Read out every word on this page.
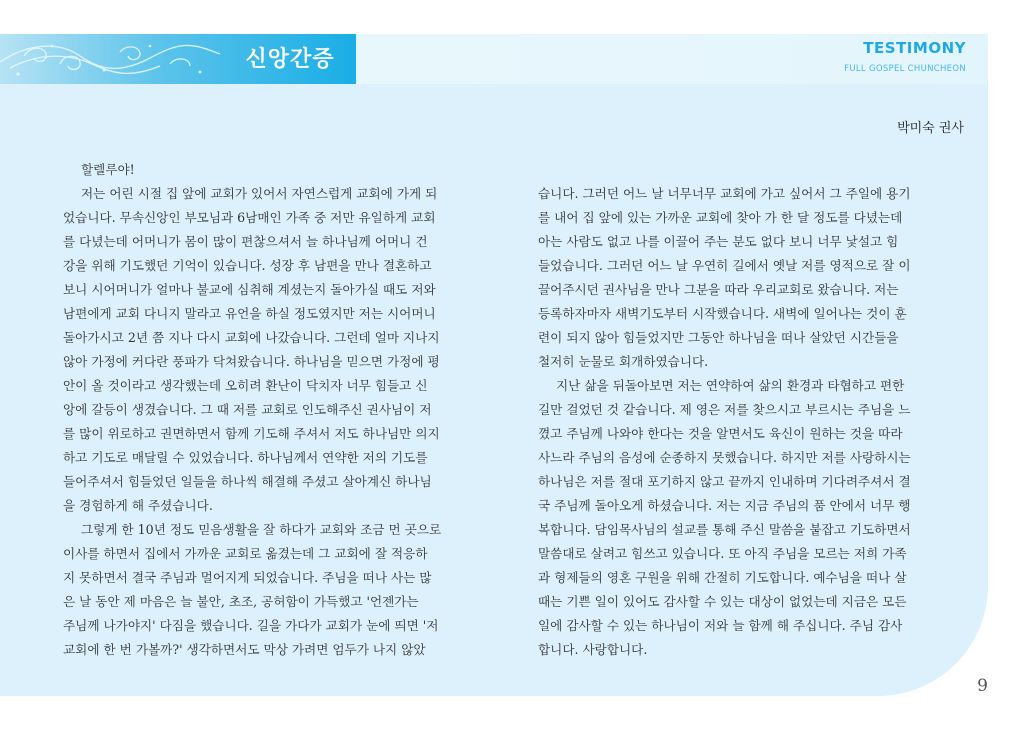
신앙간증	TESTIMONY
FULL GOSPEL CHUNCHEON
박미숙 권사
할렐루야!
저는 어린 시절 집 앞에 교회가 있어서 자연스럽게 교회에 가게 되
었습니다. 무속신앙인 부모님과 6남매인 가족 중 저만 유일하게 교회
를 다녔는데 어머니가 몸이 많이 편찮으셔서 늘 하나님께 어머니 건
강을 위해 기도했던 기억이 있습니다. 성장 후 남편을 만나 결혼하고
보니 시어머니가 얼마나 불교에 심취해 계셨는지 돌아가실 때도 저와
남편에게 교회 다니지 말라고 유언을 하실 정도였지만 저는 시어머니
돌아가시고 2년 쯤 지나 다시 교회에 나갔습니다. 그런데 얼마 지나지
않아 가정에 커다란 풍파가 닥쳐왔습니다. 하나님을 믿으면 가정에 평
안이 올 것이라고 생각했는데 오히려 환난이 닥치자 너무 힘들고 신
앙에 갈등이 생겼습니다. 그 때 저를 교회로 인도해주신 권사님이 저
를 많이 위로하고 권면하면서 함께 기도해 주셔서 저도 하나님만 의지
하고 기도로 매달릴 수 있었습니다. 하나님께서 연약한 저의 기도를
들어주셔서 힘들었던 일들을 하나씩 해결해 주셨고 살아계신 하나님
을 경험하게 해 주셨습니다.
그렇게 한 10년 정도 믿음생활을 잘 하다가 교회와 조금 먼 곳으로
이사를 하면서 집에서 가까운 교회로 옮겼는데 그 교회에 잘 적응하
지 못하면서 결국 주님과 멀어지게 되었습니다. 주님을 떠나 사는 많
은 날 동안 제 마음은 늘 불안, 초조, 공허함이 가득했고 '언젠가는
주님께 나가야지' 다짐을 했습니다. 길을 가다가 교회가 눈에 띄면 '저
교회에 한 번 가볼까?' 생각하면서도 막상 가려면 엄두가 나지 않았
습니다. 그러던 어느 날 너무너무 교회에 가고 싶어서 그 주일에 용기
를 내어 집 앞에 있는 가까운 교회에 찾아 가 한 달 정도를 다녔는데
아는 사람도 없고 나를 이끌어 주는 분도 없다 보니 너무 낯설고 힘
들었습니다. 그러던 어느 날 우연히 길에서 옛날 저를 영적으로 잘 이
끌어주시던 권사님을 만나 그분을 따라 우리교회로 왔습니다. 저는
등록하자마자 새벽기도부터 시작했습니다. 새벽에 일어나는 것이 훈
련이 되지 않아 힘들었지만 그동안 하나님을 떠나 살았던 시간들을
철저히 눈물로 회개하였습니다.
지난 삶을 뒤돌아보면 저는 연약하여 삶의 환경과 타협하고 편한
길만 걸었던 것 같습니다. 제 영은 저를 찾으시고 부르시는 주님을 느
꼈고 주님께 나와야 한다는 것을 알면서도 육신이 원하는 것을 따라
사느라 주님의 음성에 순종하지 못했습니다. 하지만 저를 사랑하시는
하나님은 저를 절대 포기하지 않고 끝까지 인내하며 기다려주셔서 결
국 주님께 돌아오게 하셨습니다. 저는 지금 주님의 품 안에서 너무 행
복합니다. 담임목사님의 설교를 통해 주신 말씀을 붙잡고 기도하면서
말씀대로 살려고 힘쓰고 있습니다. 또 아직 주님을 모르는 저희 가족
과 형제들의 영혼 구원을 위해 간절히 기도합니다. 예수님을 떠나 살
때는 기쁜 일이 있어도 감사할 수 있는 대상이 없었는데 지금은 모든
일에 감사할 수 있는 하나님이 저와 늘 함께 해 주십니다. 주님 감사
합니다. 사랑합니다.
9
